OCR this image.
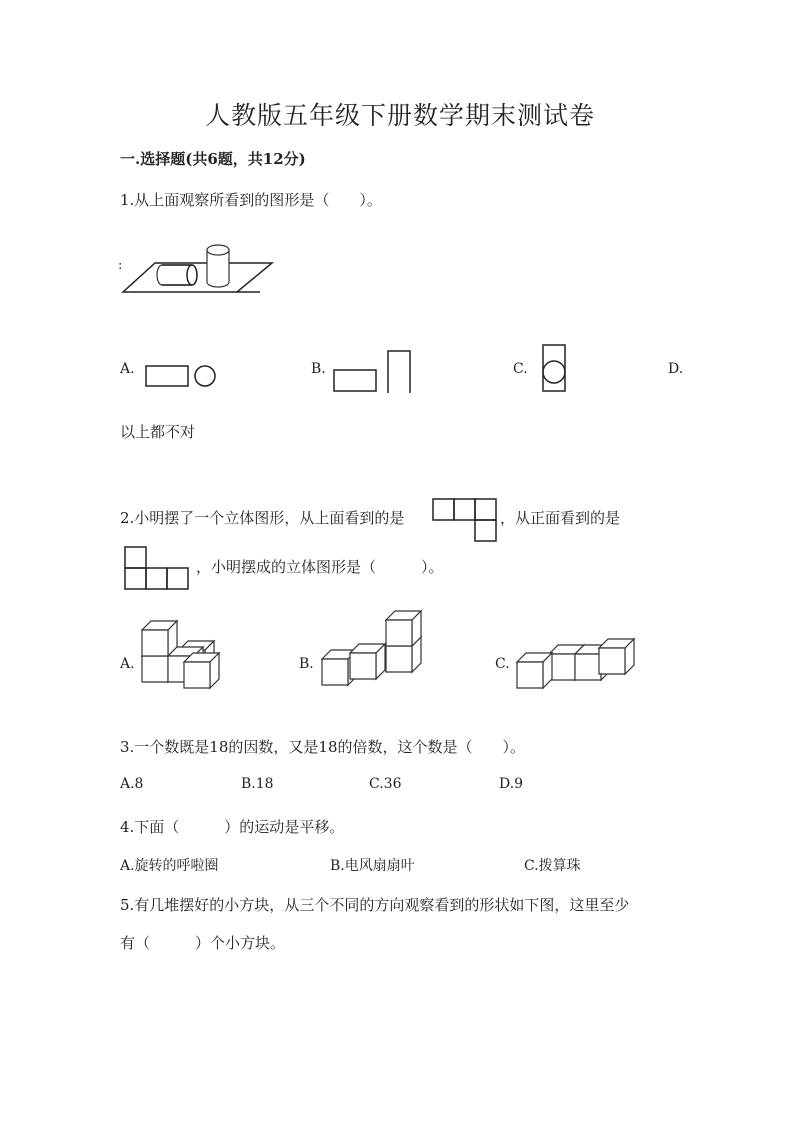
人教版五年级下册数学期末测试卷
一.选择题(共6题，共12分)
1.从上面观察所看到的图形是（　　）。
:
A.	B.	C.	D.
以上都不对
2.小明摆了一个立体图形，从上面看到的是	，从正面看到的是
，小明摆成的立体图形是（　　　）。
A.	B.	C.
3.一个数既是18的因数，又是18的倍数，这个数是（　　）。
A.8	B.18	C.36	D.9
4.下面（　　　）的运动是平移。
A.旋转的呼啦圈	B.电风扇扇叶	C.拨算珠
5.有几堆摆好的小方块，从三个不同的方向观察看到的形状如下图，这里至少
有（　　　）个小方块。
